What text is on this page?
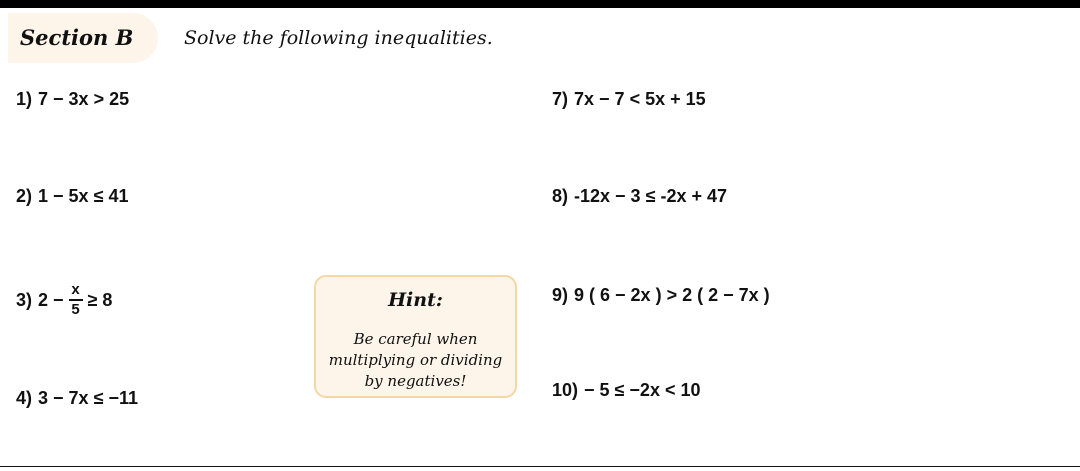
Section B	Solve the following inequalities.
1) 7 − 3x > 25
2) 1 − 5x ≤ 41
3) $2 - \frac{x}{5} \ge 8$
4) 3 − 7x ≤ −11
7) 7x − 7 < 5x + 15
8) -12x − 3 ≤ -2x + 47
9) 9 ( 6 − 2x ) > 2 ( 2 − 7x )
10) − 5 ≤ −2x < 10
Hint:
Be careful when
multiplying or dividing
by negatives!
